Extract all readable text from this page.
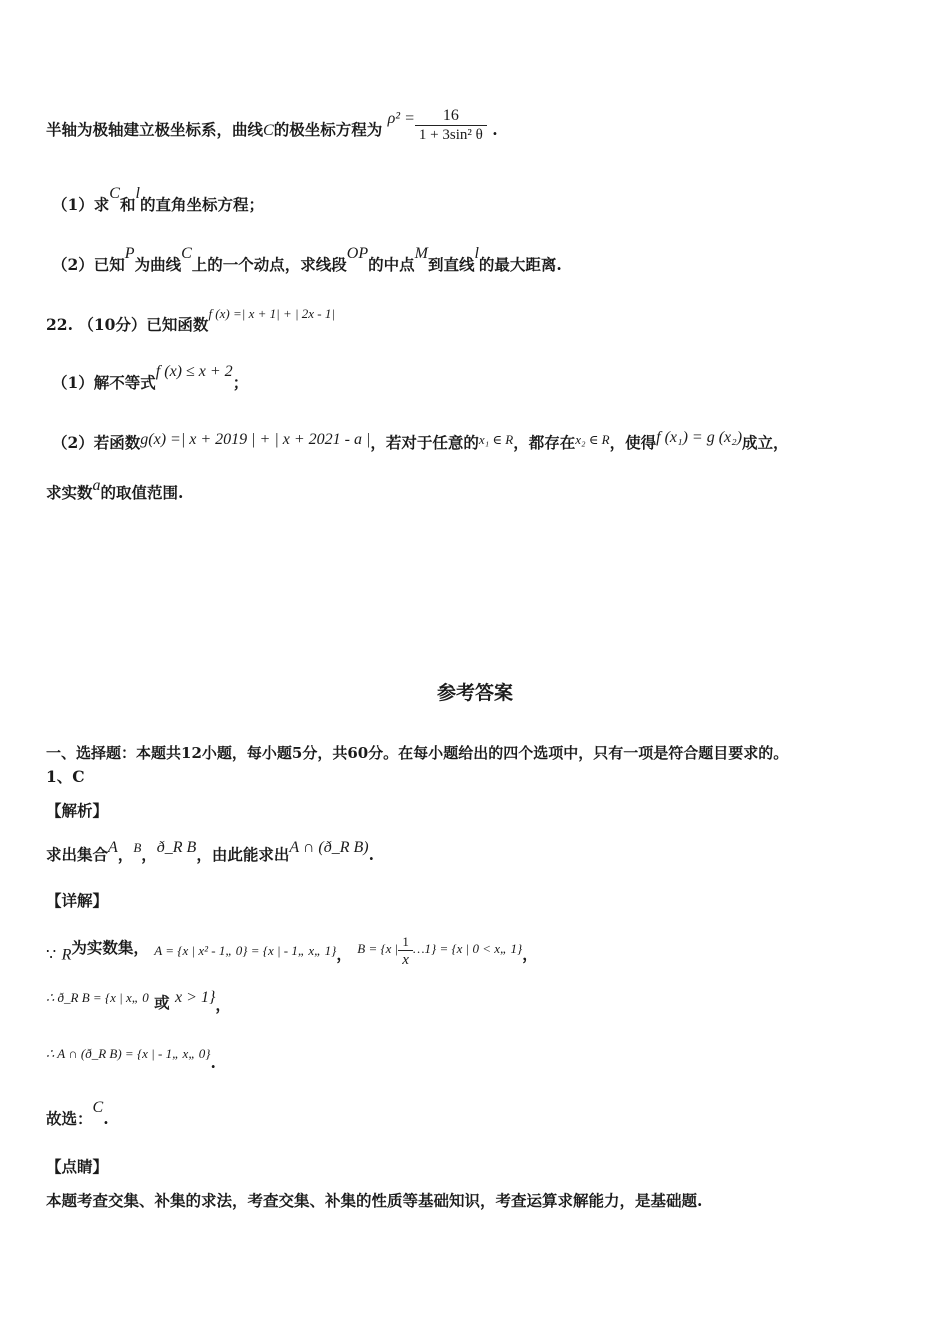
半轴为极轴建立极坐标系，曲线C的极坐标方程为 $\rho^2 = \frac{16}{\text{1 + 3sin² θ}}$ .
（1）求C和l的直角坐标方程；
（2）已知P为曲线C上的一个动点，求线段OP的中点M到直线l的最大距离.
22. （10分）已知函数$^{f (x) =| x + 1| + | 2x - 1|}$
（1）解不等式f (x) ≤ x + 2；
（2）若函数g(x) =| x + 2019 | + | x + 2021 - a |，若对于任意的$^{x_1 \in R}$，都存在$^{x_2 \in R}$，使得f (x₁) = g (x₂)成立，
求实数a的取值范围.
参考答案
一、选择题：本题共12小题，每小题5分，共60分。在每小题给出的四个选项中，只有一项是符合题目要求的。
1、C
【解析】
求出集合A，$^B$，ð_R B，由此能求出A ∩ (ð_R B).
【详解】
∵ R为实数集， $^{A = \{x | x^2 - 1„ 0\} = \{x | - 1„ x„ 1\}}$， $^{B = \{x |} \frac{1}{x} ^{\dots 1\} = \{x | 0 < x„ 1\}}$，
∴ ð_R B = {x | x„ 0 或 x > 1}，
∴ A ∩ (ð_R B) = {x | - 1„ x„ 0}.
故选：C.
【点睛】
本题考查交集、补集的求法，考查交集、补集的性质等基础知识，考查运算求解能力，是基础题.
